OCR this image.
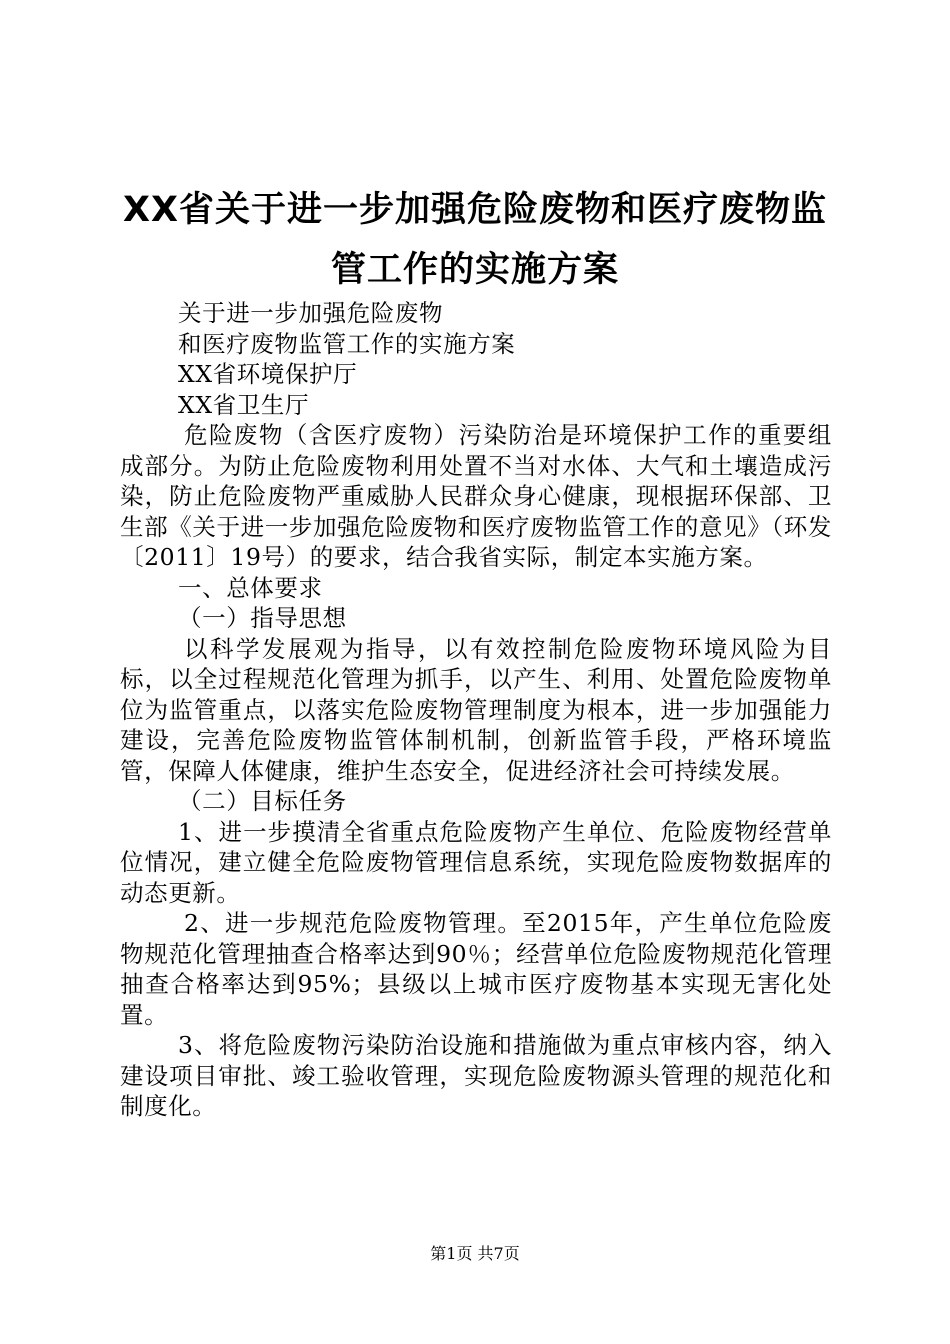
XX省关于进一步加强危险废物和医疗废物监
管工作的实施方案

关于进一步加强危险废物

和医疗废物监管工作的实施方案

XX省环境保护厅

XX省卫生厅

危险废物（含医疗废物）污染防治是环境保护工作的重要组成部分。为防止危险废物利用处置不当对水体、大气和土壤造成污染，防止危险废物严重威胁人民群众身心健康，现根据环保部、卫生部《关于进一步加强危险废物和医疗废物监管工作的意见》（环发〔2011〕19号）的要求，结合我省实际，制定本实施方案。

一、总体要求

（一）指导思想

以科学发展观为指导，以有效控制危险废物环境风险为目标，以全过程规范化管理为抓手，以产生、利用、处置危险废物单位为监管重点，以落实危险废物管理制度为根本，进一步加强能力建设，完善危险废物监管体制机制，创新监管手段，严格环境监管，保障人体健康，维护生态安全，促进经济社会可持续发展。

（二）目标任务

1、进一步摸清全省重点危险废物产生单位、危险废物经营单位情况，建立健全危险废物管理信息系统，实现危险废物数据库的动态更新。

2、进一步规范危险废物管理。至2015年，产生单位危险废物规范化管理抽查合格率达到90％；经营单位危险废物规范化管理抽查合格率达到95%；县级以上城市医疗废物基本实现无害化处置。

3、将危险废物污染防治设施和措施做为重点审核内容，纳入建设项目审批、竣工验收管理，实现危险废物源头管理的规范化和制度化。

第1页 共7页
